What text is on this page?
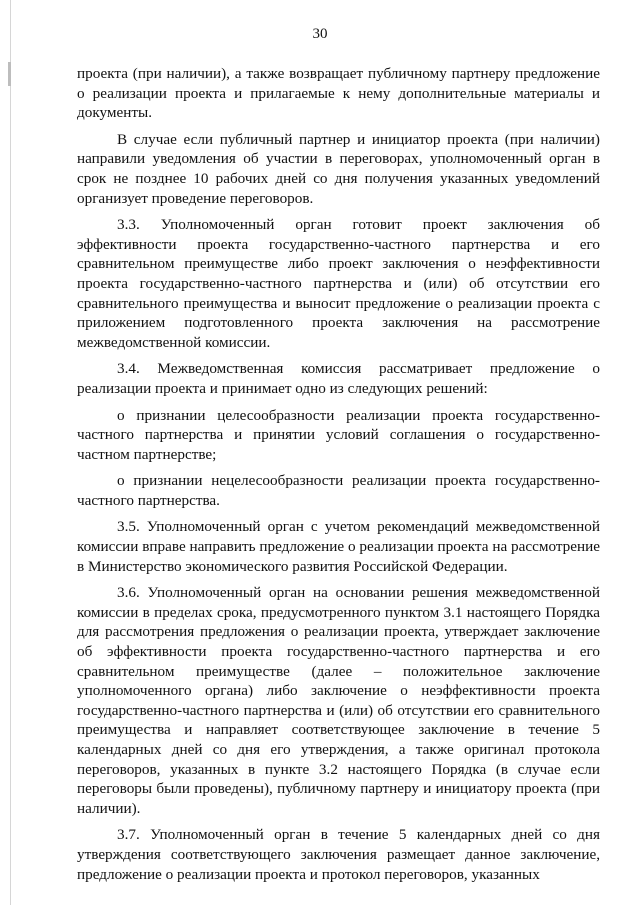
30

проекта (при наличии), а также возвращает публичному партнеру предложение о реализации проекта и прилагаемые к нему дополнительные материалы и документы.

В случае если публичный партнер и инициатор проекта (при наличии) направили уведомления об участии в переговорах, уполномоченный орган в срок не позднее 10 рабочих дней со дня получения указанных уведомлений организует проведение переговоров.

3.3. Уполномоченный орган готовит проект заключения об эффективности проекта государственно-частного партнерства и его сравнительном преимуществе либо проект заключения о неэффективности проекта государственно-частного партнерства и (или) об отсутствии его сравнительного преимущества и выносит предложение о реализации проекта с приложением подготовленного проекта заключения на рассмотрение межведомственной комиссии.

3.4. Межведомственная комиссия рассматривает предложение о реализации проекта и принимает одно из следующих решений:

о признании целесообразности реализации проекта государственно-частного партнерства и принятии условий соглашения о государственно-частном партнерстве;

о признании нецелесообразности реализации проекта государственно-частного партнерства.

3.5. Уполномоченный орган с учетом рекомендаций межведомственной комиссии вправе направить предложение о реализации проекта на рассмотрение в Министерство экономического развития Российской Федерации.

3.6. Уполномоченный орган на основании решения межведомственной комиссии в пределах срока, предусмотренного пунктом 3.1 настоящего Порядка для рассмотрения предложения о реализации проекта, утверждает заключение об эффективности проекта государственно-частного партнерства и его сравнительном преимуществе (далее – положительное заключение уполномоченного органа) либо заключение о неэффективности проекта государственно-частного партнерства и (или) об отсутствии его сравнительного преимущества и направляет соответствующее заключение в течение 5 календарных дней со дня его утверждения, а также оригинал протокола переговоров, указанных в пункте 3.2 настоящего Порядка (в случае если переговоры были проведены), публичному партнеру и инициатору проекта (при наличии).

3.7. Уполномоченный орган в течение 5 календарных дней со дня утверждения соответствующего заключения размещает данное заключение, предложение о реализации проекта и протокол переговоров, указанных
